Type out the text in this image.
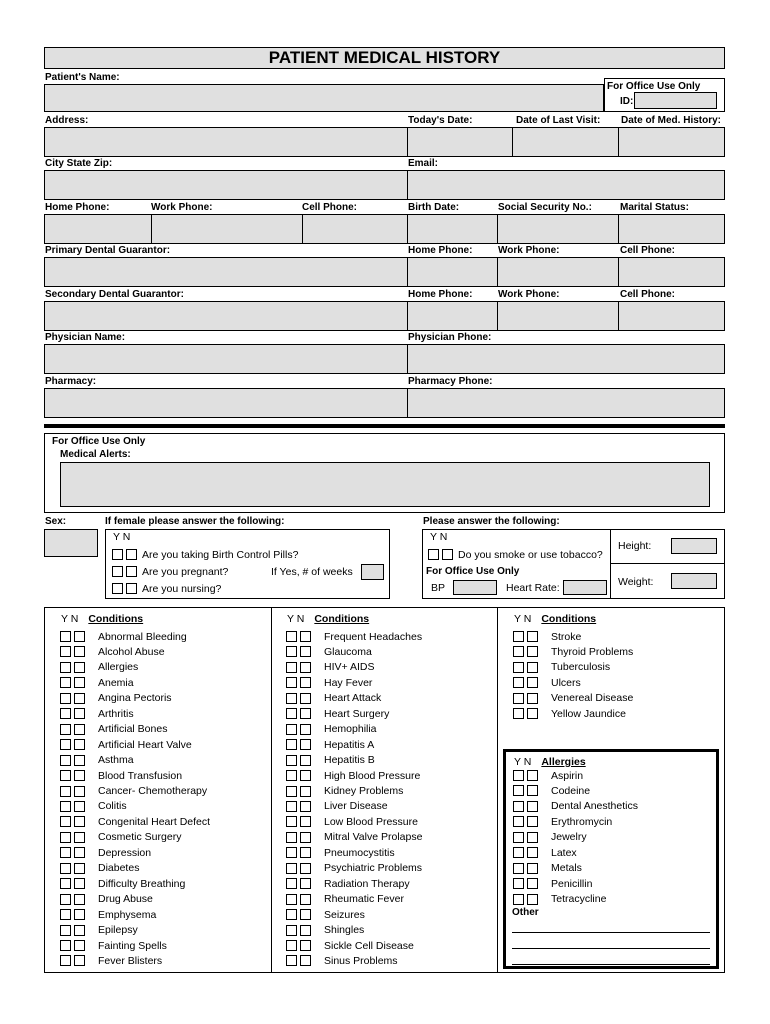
PATIENT MEDICAL HISTORY
Patient's Name:
For Office Use Only
ID:
Address:	Today's Date:	Date of Last Visit: Date of Med. History:
City State Zip:	Email:
Home Phone:	Work Phone:	Cell Phone:	Birth Date:	Social Security No.:	Marital Status:
Primary Dental Guarantor:	Home Phone:	Work Phone:	Cell Phone:
Secondary Dental Guarantor:	Home Phone:	Work Phone:	Cell Phone:
Physician Name:	Physician Phone:
Pharmacy:	Pharmacy Phone:
For Office Use Only
Medical Alerts:
Sex:	If female please answer the following:
Y N
Are you taking Birth Control Pills?
Are you pregnant?	If Yes, # of weeks
Are you nursing?
Please answer the following:
Y N
Do you smoke or use tobacco?
For Office Use Only
BP	Heart Rate:
Height:
Weight:
Y N Conditions	Y N Conditions	Y N Conditions
Abnormal Bleeding
Alcohol Abuse
Allergies
Anemia
Angina Pectoris
Arthritis
Artificial Bones
Artificial Heart Valve
Asthma
Blood Transfusion
Cancer- Chemotherapy
Colitis
Congenital Heart Defect
Cosmetic Surgery
Depression
Diabetes
Difficulty Breathing
Drug Abuse
Emphysema
Epilepsy
Fainting Spells
Fever Blisters
Frequent Headaches
Glaucoma
HIV+ AIDS
Hay Fever
Heart Attack
Heart Surgery
Hemophilia
Hepatitis A
Hepatitis B
High Blood Pressure
Kidney Problems
Liver Disease
Low Blood Pressure
Mitral Valve Prolapse
Pneumocystitis
Psychiatric Problems
Radiation Therapy
Rheumatic Fever
Seizures
Shingles
Sickle Cell Disease
Sinus Problems
Stroke
Thyroid Problems
Tuberculosis
Ulcers
Venereal Disease
Yellow Jaundice
Y N Allergies
Aspirin
Codeine
Dental Anesthetics
Erythromycin
Jewelry
Latex
Metals
Penicillin
Tetracycline
Other
